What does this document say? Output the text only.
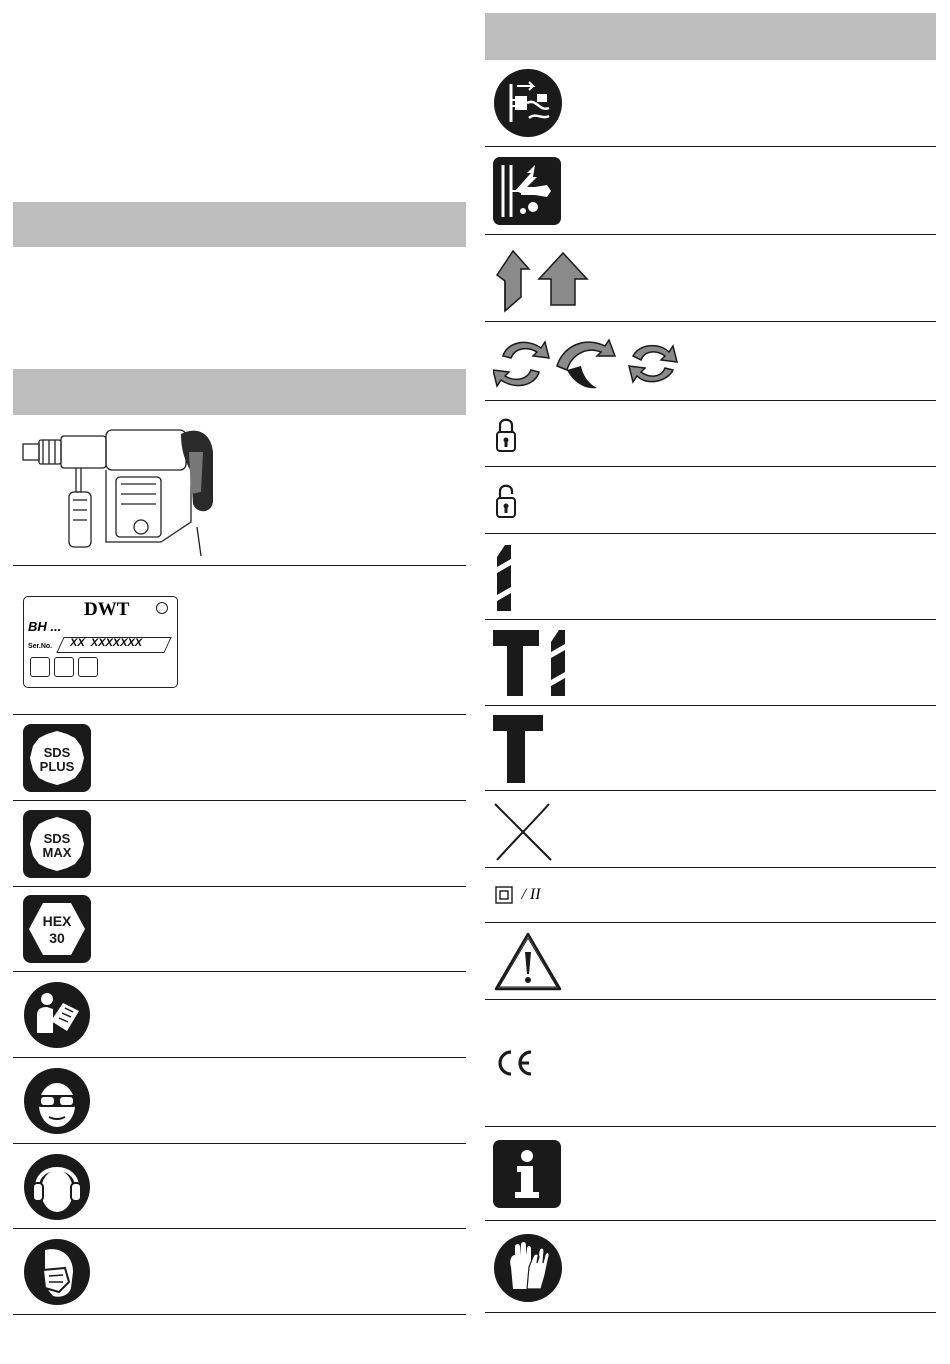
DWT
BH ...
Ser.No. XX  XXXXXXX
SDS
PLUS
SDS
MAX
HEX
30
/ II
